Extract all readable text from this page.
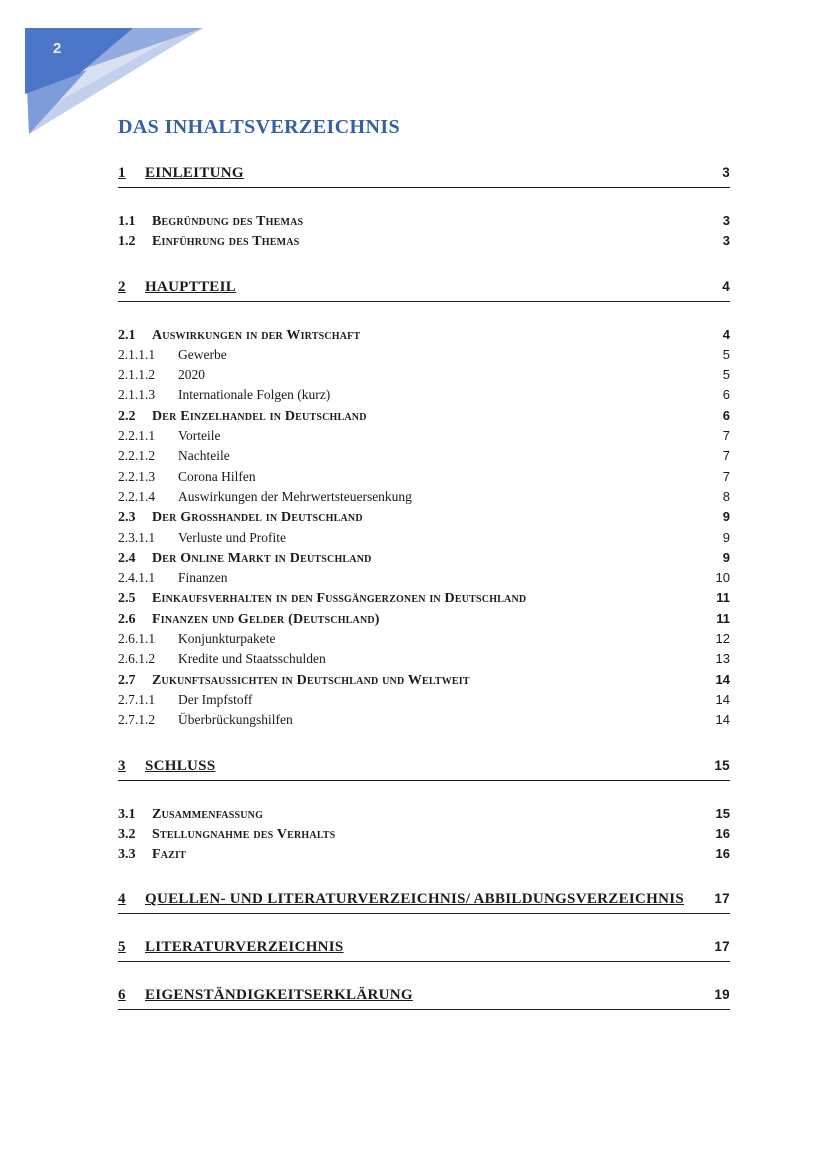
2
DAS INHALTSVERZEICHNIS
1	EINLEITUNG	3
1.1	Begründung des Themas	3
1.2	Einführung des Themas	3
2	HAUPTTEIL	4
2.1	Auswirkungen in der Wirtschaft	4
2.1.1.1	Gewerbe	5
2.1.1.2	2020	5
2.1.1.3	Internationale Folgen (kurz)	6
2.2	Der Einzelhandel in Deutschland	6
2.2.1.1	Vorteile	7
2.2.1.2	Nachteile	7
2.2.1.3	Corona Hilfen	7
2.2.1.4	Auswirkungen der Mehrwertsteuersenkung	8
2.3	Der Großhandel in Deutschland	9
2.3.1.1	Verluste und Profite	9
2.4	Der Online Markt in Deutschland	9
2.4.1.1	Finanzen	10
2.5	Einkaufsverhalten in den Fußgängerzonen in Deutschland	11
2.6	Finanzen und Gelder (Deutschland)	11
2.6.1.1	Konjunkturpakete	12
2.6.1.2	Kredite und Staatsschulden	13
2.7	Zukunftsaussichten in Deutschland und Weltweit	14
2.7.1.1	Der Impfstoff	14
2.7.1.2	Überbrückungshilfen	14
3	SCHLUSS	15
3.1	Zusammenfassung	15
3.2	Stellungnahme des Verhalts	16
3.3	Fazit	16
4	QUELLEN- UND LITERATURVERZEICHNIS/ ABBILDUNGSVERZEICHNIS 17
5	LITERATURVERZEICHNIS	17
6	EIGENSTÄNDIGKEITSERKLÄRUNG	19
